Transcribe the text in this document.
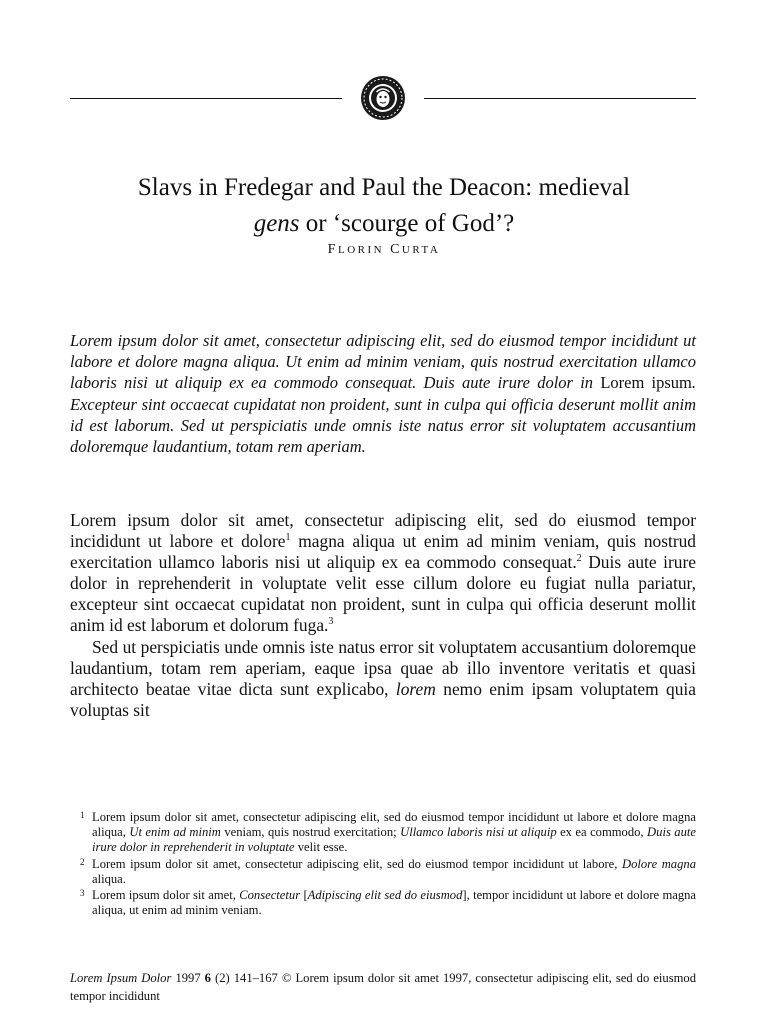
Slavs in Fredegar and Paul the Deacon: medieval
gens or ‘scourge of God’?
FLORIN CURTA
Lorem ipsum dolor sit amet, consectetur adipiscing elit, sed do eiusmod tempor incididunt ut labore et dolore magna aliqua. Ut enim ad minim veniam, quis nostrud exercitation ullamco laboris nisi ut aliquip ex ea commodo consequat. Duis aute irure dolor in Lorem ipsum. Excepteur sint occaecat cupidatat non proident, sunt in culpa qui officia deserunt mollit anim id est laborum. Sed ut perspiciatis unde omnis iste natus error sit voluptatem accusantium doloremque laudantium, totam rem aperiam.

Lorem ipsum dolor sit amet, consectetur adipiscing elit, sed do eiusmod tempor incididunt ut labore et dolore$^1$ magna aliqua ut enim ad minim veniam, quis nostrud exercitation ullamco laboris nisi ut aliquip ex ea commodo consequat.$^2$ Duis aute irure dolor in reprehenderit in voluptate velit esse cillum dolore eu fugiat nulla pariatur, excepteur sint occaecat cupidatat non proident, sunt in culpa qui officia deserunt mollit anim id est laborum et dolorum fuga.$^3$

Sed ut perspiciatis unde omnis iste natus error sit voluptatem accusantium doloremque laudantium, totam rem aperiam, eaque ipsa quae ab illo inventore veritatis et quasi architecto beatae vitae dicta sunt explicabo, lorem nemo enim ipsam voluptatem quia voluptas sit

1 Lorem ipsum dolor sit amet, consectetur adipiscing elit, sed do eiusmod tempor incididunt ut labore et dolore magna aliqua, Ut enim ad minim veniam, quis nostrud exercitation; Ullamco laboris nisi ut aliquip ex ea commodo, Duis aute irure dolor in reprehenderit in voluptate velit esse.
2 Lorem ipsum dolor sit amet, consectetur adipiscing elit, sed do eiusmod tempor incididunt ut labore, Dolore magna aliqua.
3 Lorem ipsum dolor sit amet, Consectetur [Adipiscing elit sed do eiusmod], tempor incididunt ut labore et dolore magna aliqua, ut enim ad minim veniam.
Lorem Ipsum Dolor 1997 6 (2) 141–167 © Lorem ipsum dolor sit amet 1997, consectetur adipiscing elit, sed do eiusmod tempor incididunt
